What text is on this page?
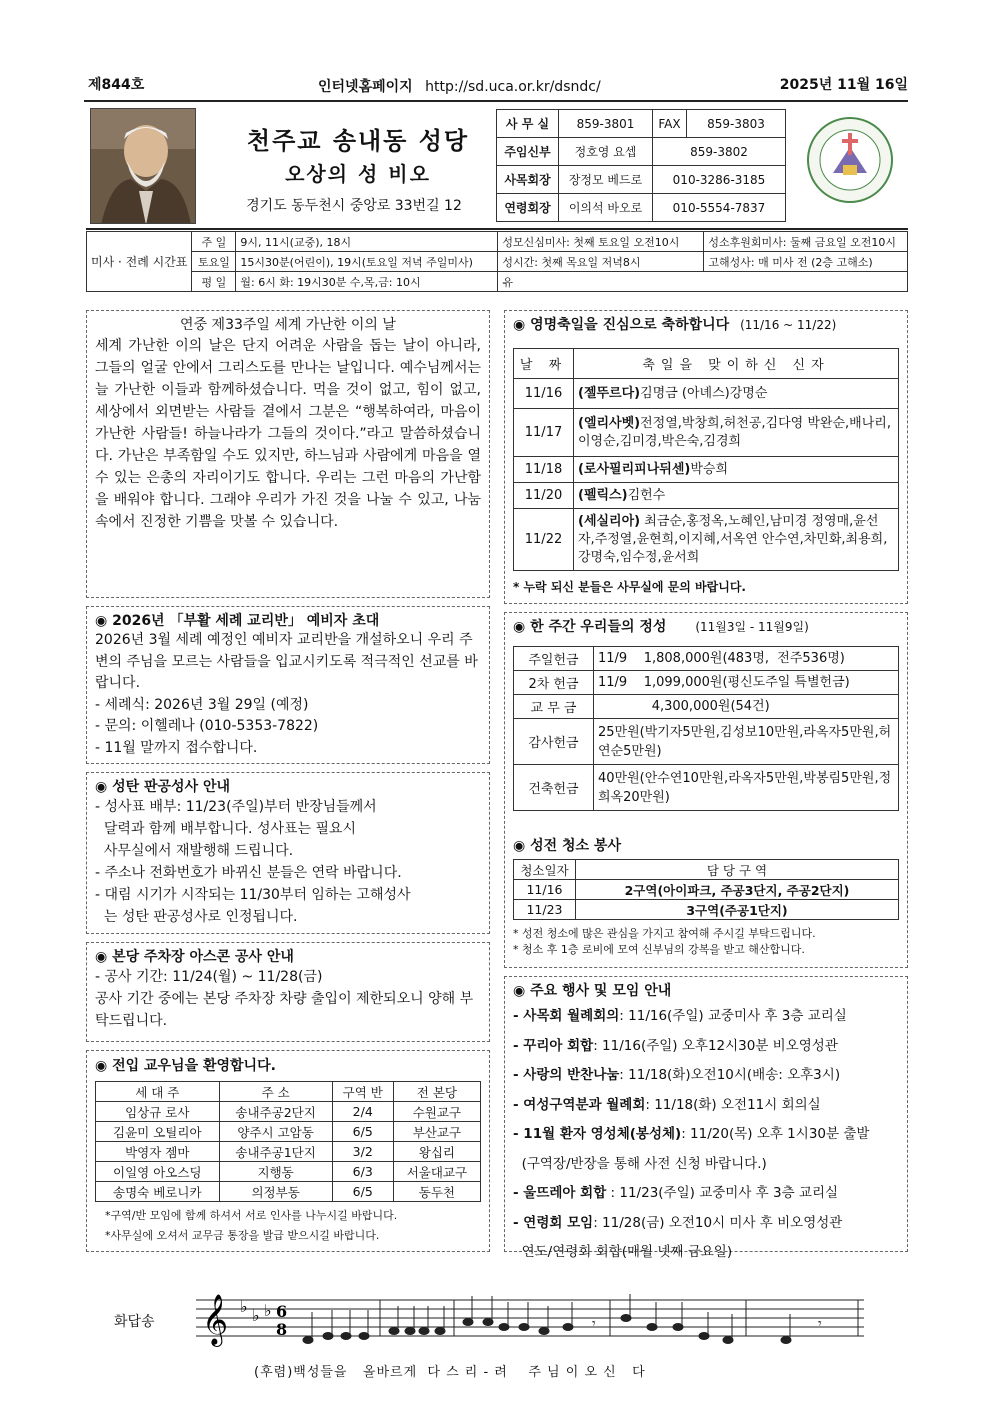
제844호	인터넷홈페이지 http://sd.uca.or.kr/dsndc/	2025년 11월 16일
천주교 송내동 성당
오상의 성 비오
경기도 동두천시 중앙로 33번길 12
사 무 실	859-3801	FAX	859-3803
주임신부	정호영 요셉	859-3802	
사목회장	장정모 베드로	010-3286-3185	
연령회장	이의석 바오로	010-5554-7837	
미사 · 전례 시간표	주 일	9시, 11시(교중), 18시	성모신심미사: 첫째 토요일 오전10시	성소후원회미사: 둘째 금요일 오전10시
	토요일	15시30분(어린이), 19시(토요일 저녁 주일미사)	성시간: 첫째 목요일 저녁8시	고해성사: 매 미사 전 (2층 고해소)
	평 일	월: 6시 화: 19시30분 수,목,금: 10시	유	
연중 제33주일 세계 가난한 이의 날
세계 가난한 이의 날은 단지 어려운 사람을 돕는 날이 아니라, 그들의 얼굴 안에서 그리스도를 만나는 날입니다. 예수님께서는 늘 가난한 이들과 함께하셨습니다. 먹을 것이 없고, 힘이 없고, 세상에서 외면받는 사람들 곁에서 그분은 “행복하여라, 마음이 가난한 사람들! 하늘나라가 그들의 것이다.”라고 말씀하셨습니다. 가난은 부족함일 수도 있지만, 하느님과 사람에게 마음을 열 수 있는 은총의 자리이기도 합니다. 우리는 그런 마음의 가난함을 배워야 합니다. 그래야 우리가 가진 것을 나눌 수 있고, 나눔 속에서 진정한 기쁨을 맛볼 수 있습니다.
◉ 2026년 「부활 세례 교리반」 예비자 초대
2026년 3월 세례 예정인 예비자 교리반을 개설하오니 우리 주변의 주님을 모르는 사람들을 입교시키도록 적극적인 선교를 바랍니다.
- 세례식: 2026년 3월 29일 (예정)
- 문의: 이헬레나 (010-5353-7822)
- 11월 말까지 접수합니다.
◉ 성탄 판공성사 안내
- 성사표 배부: 11/23(주일)부터 반장님들께서
달력과 함께 배부합니다. 성사표는 필요시
사무실에서 재발행해 드립니다.
- 주소나 전화번호가 바뀌신 분들은 연락 바랍니다.
- 대림 시기가 시작되는 11/30부터 임하는 고해성사
는 성탄 판공성사로 인정됩니다.
◉ 본당 주차장 아스콘 공사 안내
- 공사 기간: 11/24(월) ~ 11/28(금)
공사 기간 중에는 본당 주차장 차량 출입이 제한되오니 양해 부탁드립니다.
◉ 전입 교우님을 환영합니다.
세 대 주	주 소	구역 반	전 본당
임상규 로사	송내주공2단지	2/4	수원교구
김윤미 오틸리아	양주시 고암동	6/5	부산교구
박영자 젬마	송내주공1단지	3/2	왕십리
이일영 아오스딩	지행동	6/3	서울대교구
송명숙 베로니카	의정부동	6/5	동두천
*구역/반 모임에 함께 하셔서 서로 인사를 나누시길 바랍니다.
*사무실에 오셔서 교무금 통장을 발급 받으시길 바랍니다.
◉ 영명축일을 진심으로 축하합니다 (11/16 ~ 11/22)
날 짜	축일을 맞이하신 신자
11/16	(젤뚜르다)김명금 (아녜스)강명순
11/17	(엘리사벳)전정열,박창희,허천공,김다영 박완순,배나리,이영순,김미경,박은숙,김경희
11/18	(로사필리피나뒤센)박승희
11/20	(펠릭스)김헌수
11/22	(세실리아) 최금순,홍정옥,노혜인,남미경 정영매,윤선자,주정열,윤현희,이지혜,서옥연 안수연,차민화,최용희,강명숙,임수정,윤서희
* 누락 되신 분들은 사무실에 문의 바랍니다.
◉ 한 주간 우리들의 정성 (11월3일 - 11월9일)
주일헌금	11/9    1,808,000원(483명,  전주536명)
2차 헌금	11/9    1,099,000원(평신도주일 특별헌금)
교 무 금	4,300,000원(54건)
감사헌금	25만원(박기자5만원,김성보10만원,라옥자5만원,허연순5만원)
건축헌금	40만원(안수연10만원,라옥자5만원,박봉림5만원,정희옥20만원)
◉ 성전 청소 봉사
청소일자	담 당 구 역
11/16	2구역(아이파크, 주공3단지, 주공2단지)
11/23	3구역(주공1단지)
* 성전 청소에 많은 관심을 가지고 참여해 주시길 부탁드립니다.
* 청소 후 1층 로비에 모여 신부님의 강복을 받고 해산합니다.
◉ 주요 행사 및 모임 안내
- 사목회 월례회의: 11/16(주일) 교중미사 후 3층 교리실
- 꾸리아 회합: 11/16(주일) 오후12시30분 비오영성관
- 사랑의 반찬나눔: 11/18(화)오전10시(배송: 오후3시)
- 여성구역분과 월례회: 11/18(화) 오전11시 회의실
- 11월 환자 영성체(봉성체): 11/20(목) 오후 1시30분 출발
(구역장/반장을 통해 사전 신청 바랍니다.)
- 울뜨레아 회합 : 11/23(주일) 교중미사 후 3층 교리실
- 연령회 모임: 11/28(금) 오전10시 미사 후 비오영성관
연도/연령회 회합(매월 넷째 금요일)
화답송 𝄞 ♭ ♭ ♭ 6
8	𝄾	𝄾
(후렴)백성들을   올바르게  다 스 리 - 려    주 님 이 오 신   다
